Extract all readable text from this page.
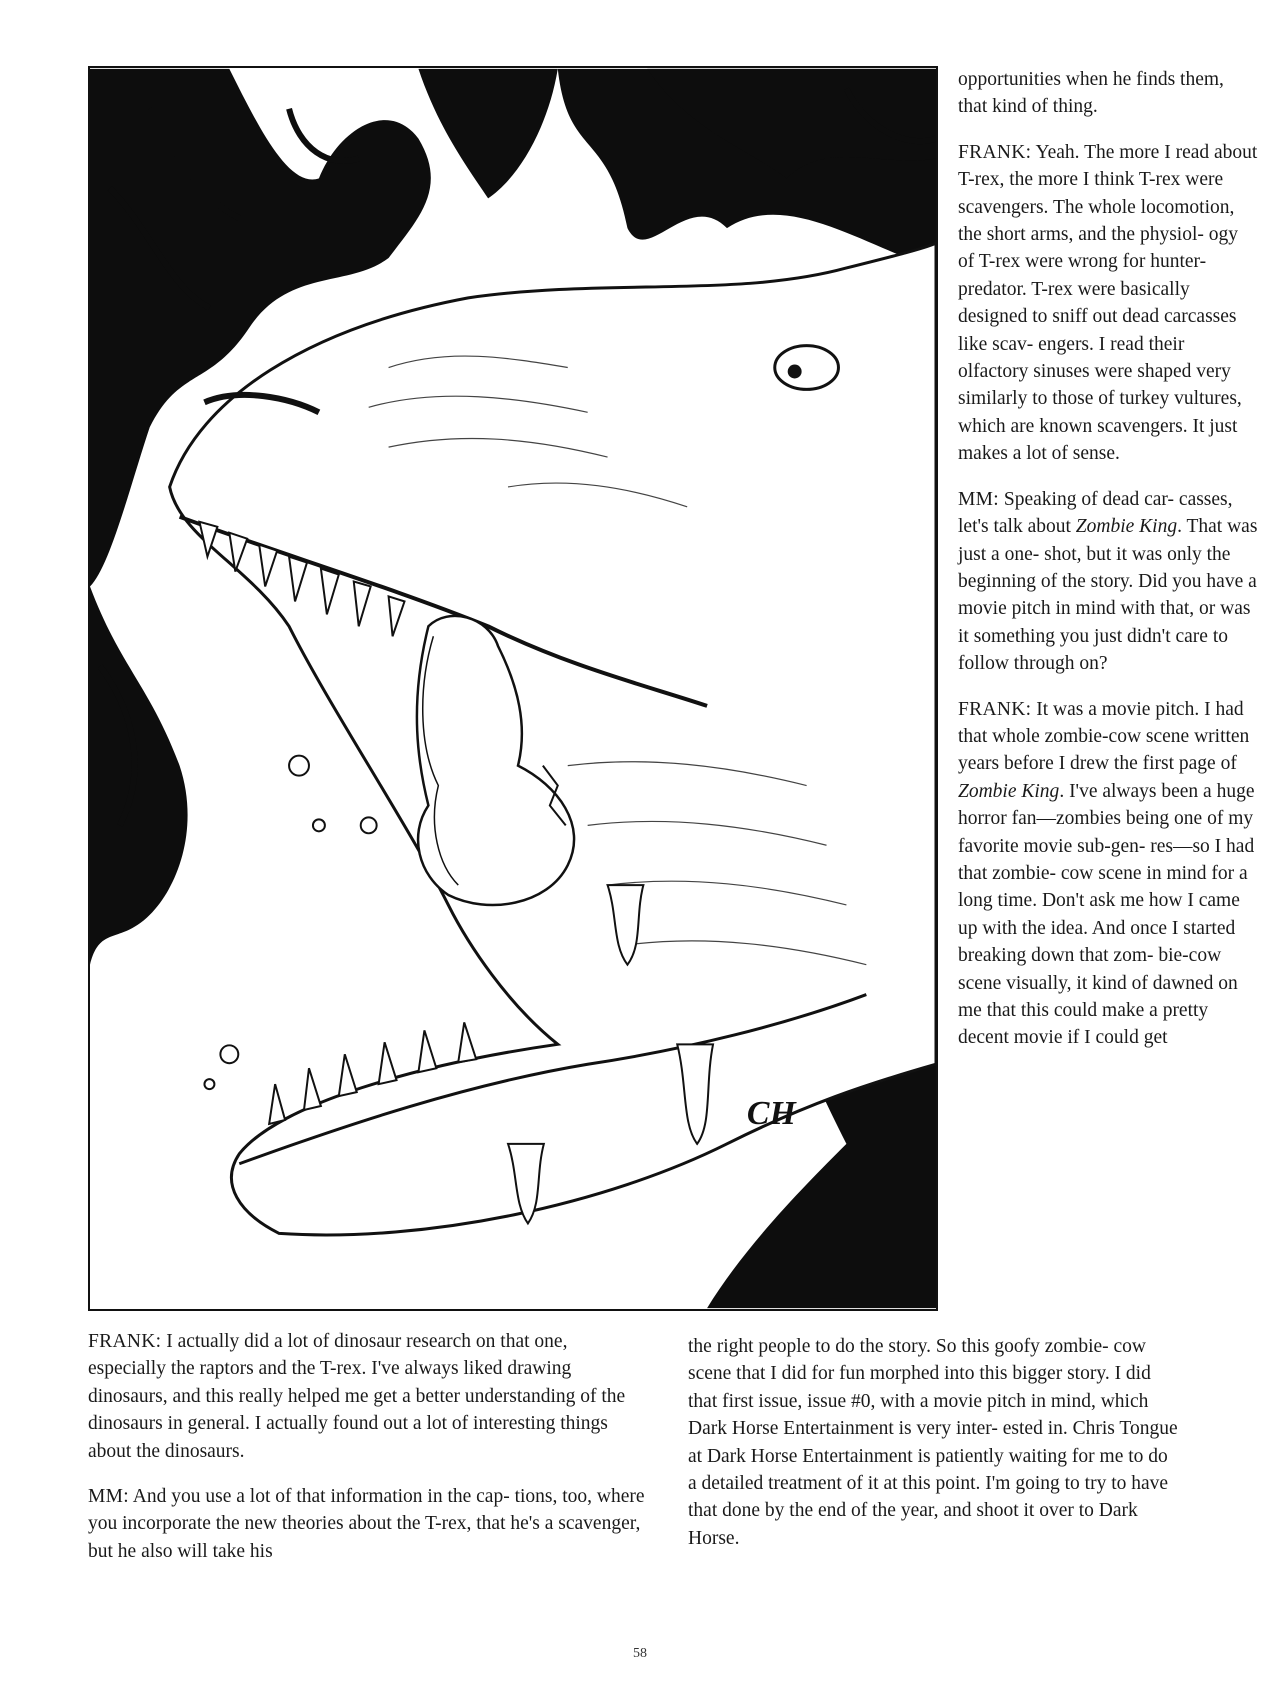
CH

opportunities when he finds them, that kind of thing.

FRANK: Yeah. The more I read about T-rex, the more I think T-rex were scavengers. The whole locomotion, the short arms, and the physiol- ogy of T-rex were wrong for hunter-predator. T-rex were basically designed to sniff out dead carcasses like scav- engers. I read their olfactory sinuses were shaped very similarly to those of turkey vultures, which are known scavengers. It just makes a lot of sense.

MM: Speaking of dead car- casses, let's talk about Zombie King. That was just a one- shot, but it was only the beginning of the story. Did you have a movie pitch in mind with that, or was it something you just didn't care to follow through on?

FRANK: It was a movie pitch. I had that whole zombie-cow scene written years before I drew the first page of Zombie King. I've always been a huge horror fan—zombies being one of my favorite movie sub-gen- res—so I had that zombie- cow scene in mind for a long time. Don't ask me how I came up with the idea. And once I started breaking down that zom- bie-cow scene visually, it kind of dawned on me that this could make a pretty decent movie if I could get

FRANK: I actually did a lot of dinosaur research on that one, especially the raptors and the T-rex. I've always liked drawing dinosaurs, and this really helped me get a better understanding of the dinosaurs in general. I actually found out a lot of interesting things about the dinosaurs.

MM: And you use a lot of that information in the cap- tions, too, where you incorporate the new theories about the T-rex, that he's a scavenger, but he also will take his

the right people to do the story. So this goofy zombie- cow scene that I did for fun morphed into this bigger story. I did that first issue, issue #0, with a movie pitch in mind, which Dark Horse Entertainment is very inter- ested in. Chris Tongue at Dark Horse Entertainment is patiently waiting for me to do a detailed treatment of it at this point. I'm going to try to have that done by the end of the year, and shoot it over to Dark Horse.

58
